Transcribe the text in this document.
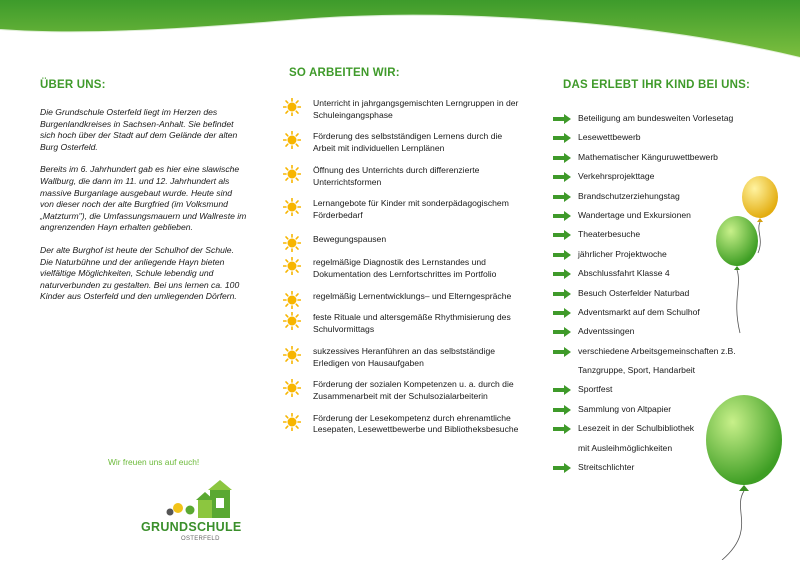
ÜBER UNS:

Die Grundschule Osterfeld liegt im Herzen des Burgenlandkreises in Sachsen-Anhalt. Sie befindet sich hoch über der Stadt auf dem Gelände der alten Burg Osterfeld.

Bereits im 6. Jahrhundert gab es hier eine slawische Wallburg, die dann im 11. und 12. Jahrhundert als massive Burganlage ausgebaut wurde. Heute sind von dieser noch der alte Burgfried (im Volksmund „Matzturm"), die Umfassungsmauern und Wallreste im angrenzenden Hayn erhalten geblieben.

Der alte Burghof ist heute der Schulhof der Schule. Die Naturbühne und der anliegende Hayn bieten vielfältige Möglichkeiten, Schule lebendig und naturverbunden zu gestalten. Bei uns lernen ca. 100 Kinder aus Osterfeld und den umliegenden Dörfern.

Wir freuen uns auf euch!
GRUNDSCHULE
OSTERFELD
SO ARBEITEN WIR:
Unterricht in jahrgangsgemischten Lerngruppen in der Schuleingangsphase
Förderung des selbstständigen Lernens durch die Arbeit mit individuellen Lernplänen
Öffnung des Unterrichts durch differenzierte Unterrichtsformen
Lernangebote für Kinder mit sonderpädagogischem Förderbedarf
Bewegungspausen
regelmäßige Diagnostik des Lernstandes und Dokumentation des Lernfortschrittes im Portfolio
regelmäßig Lernentwicklungs– und Elterngespräche
feste Rituale und altersgemäße Rhythmisierung des Schulvormittags
sukzessives Heranführen an das selbstständige Erledigen von Hausaufgaben
Förderung der sozialen Kompetenzen u. a. durch die Zusammenarbeit mit der Schulsozialarbeiterin
Förderung der Lesekompetenz durch ehrenamtliche Lesepaten, Lesewettbewerbe und Bibliotheksbesuche
DAS ERLEBT IHR KIND BEI UNS:
Beteiligung am bundesweiten Vorlesetag
Lesewettbewerb
Mathematischer Känguruwettbewerb
Verkehrsprojekttage
Brandschutzerziehungstag
Wandertage und Exkursionen
Theaterbesuche
jährlicher Projektwoche
Abschlussfahrt Klasse 4
Besuch Osterfelder Naturbad
Adventsmarkt auf dem Schulhof
Adventssingen
verschiedene Arbeitsgemeinschaften z.B.
Tanzgruppe, Sport, Handarbeit
Sportfest
Sammlung von Altpapier
Lesezeit in der Schulbibliothek
mit Ausleihmöglichkeiten
Streitschlichter
